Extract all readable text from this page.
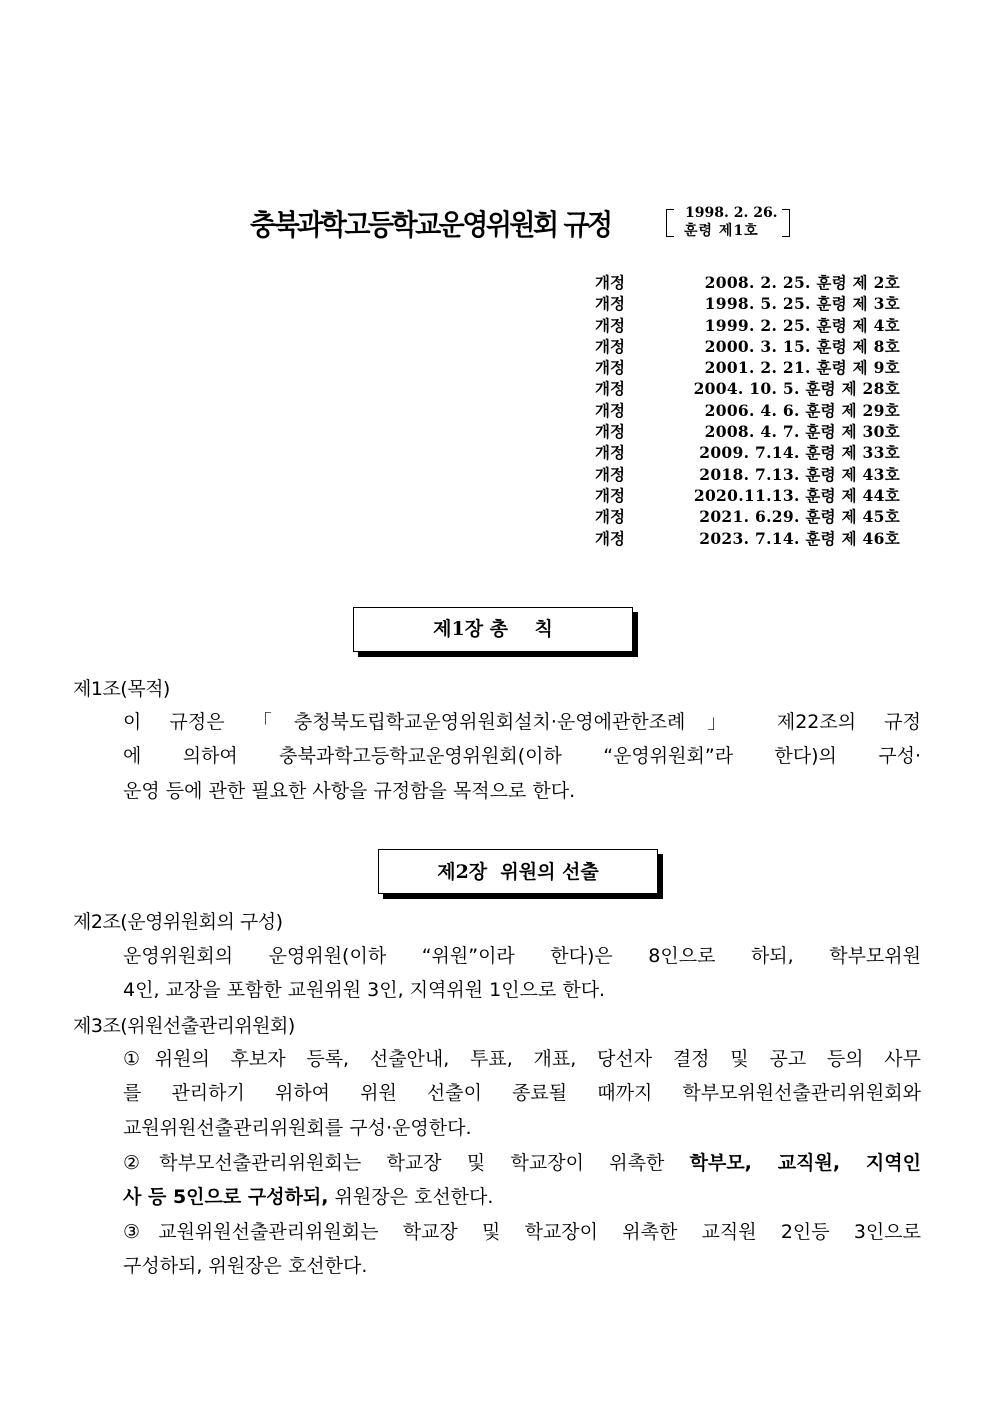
충북과학고등학교운영위원회 규정	1998. 2. 26.
훈령 제1호
개정	2008. 2. 25. 훈령 제 2호
개정	1998. 5. 25. 훈령 제 3호
개정	1999. 2. 25. 훈령 제 4호
개정	2000. 3. 15. 훈령 제 8호
개정	2001. 2. 21. 훈령 제 9호
개정	2004. 10. 5. 훈령 제 28호
개정	2006. 4. 6. 훈령 제 29호
개정	2008. 4. 7. 훈령 제 30호
개정	2009. 7.14. 훈령 제 33호
개정	2018. 7.13. 훈령 제 43호
개정	2020.11.13. 훈령 제 44호
개정	2021. 6.29. 훈령 제 45호
개정	2023. 7.14. 훈령 제 46호
제1장 총    칙
제1조(목적)
이 규정은 「충청북도립학교운영위원회설치·운영에관한조례」 제22조의 규정
에 의하여 충북과학고등학교운영위원회(이하 “운영위원회”라 한다)의 구성·
운영 등에 관한 필요한 사항을 규정함을 목적으로 한다.
제2장  위원의 선출
제2조(운영위원회의 구성)
운영위원회의 운영위원(이하 “위원”이라 한다)은 8인으로 하되, 학부모위원
4인, 교장을 포함한 교원위원 3인, 지역위원 1인으로 한다.
제3조(위원선출관리위원회)
①위원의 후보자 등록, 선출안내, 투표, 개표, 당선자 결정 및 공고 등의 사무
를 관리하기 위하여 위원 선출이 종료될 때까지 학부모위원선출관리위원회와
교원위원선출관리위원회를 구성·운영한다.
②학부모선출관리위원회는 학교장 및 학교장이 위촉한 학부모, 교직원, 지역인
사 등 5인으로 구성하되, 위원장은 호선한다.
③교원위원선출관리위원회는 학교장 및 학교장이 위촉한 교직원 2인등 3인으로
구성하되, 위원장은 호선한다.
